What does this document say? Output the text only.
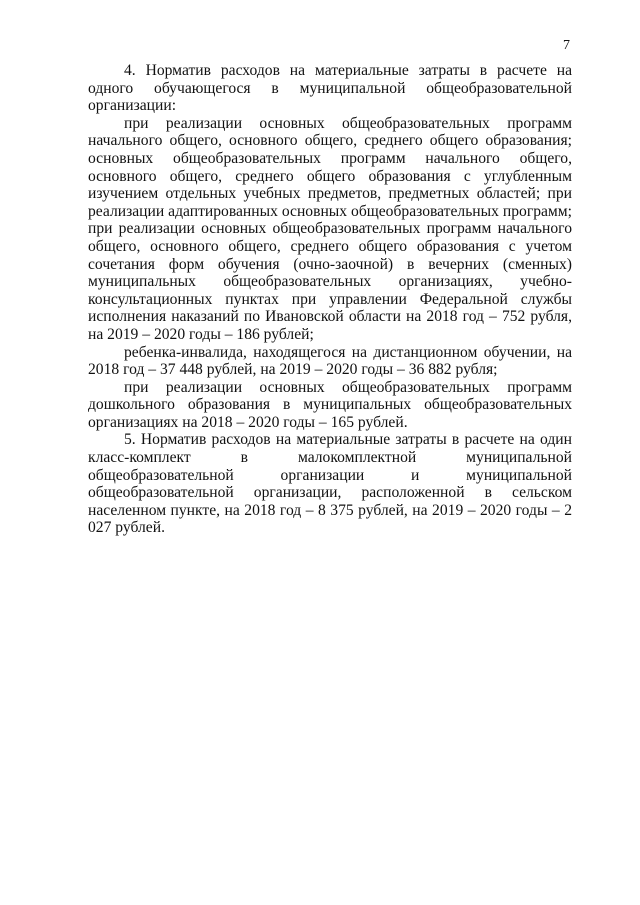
7

4. Норматив расходов на материальные затраты в расчете на одного обучающегося в муниципальной общеобразовательной организации:

при реализации основных общеобразовательных программ начального общего, основного общего, среднего общего образования; основных общеобразовательных программ начального общего, основного общего, среднего общего образования с углубленным изучением отдельных учебных предметов, предметных областей; при реализации адаптированных основных общеобразовательных программ; при реализации основных общеобразовательных программ начального общего, основного общего, среднего общего образования с учетом сочетания форм обучения (очно-заочной) в вечерних (сменных) муниципальных общеобразовательных организациях, учебно-консультационных пунктах при управлении Федеральной службы исполнения наказаний по Ивановской области на 2018 год – 752 рубля, на 2019 – 2020 годы – 186 рублей;

ребенка-инвалида, находящегося на дистанционном обучении, на 2018 год – 37 448 рублей, на 2019 – 2020 годы – 36 882 рубля;

при реализации основных общеобразовательных программ дошкольного образования в муниципальных общеобразовательных организациях на 2018 – 2020 годы – 165 рублей.

5. Норматив расходов на материальные затраты в расчете на один класс-комплект в малокомплектной муниципальной общеобразовательной организации и муниципальной общеобразовательной организации, расположенной в сельском населенном пункте, на 2018 год – 8 375 рублей, на 2019 – 2020 годы – 2 027 рублей.
